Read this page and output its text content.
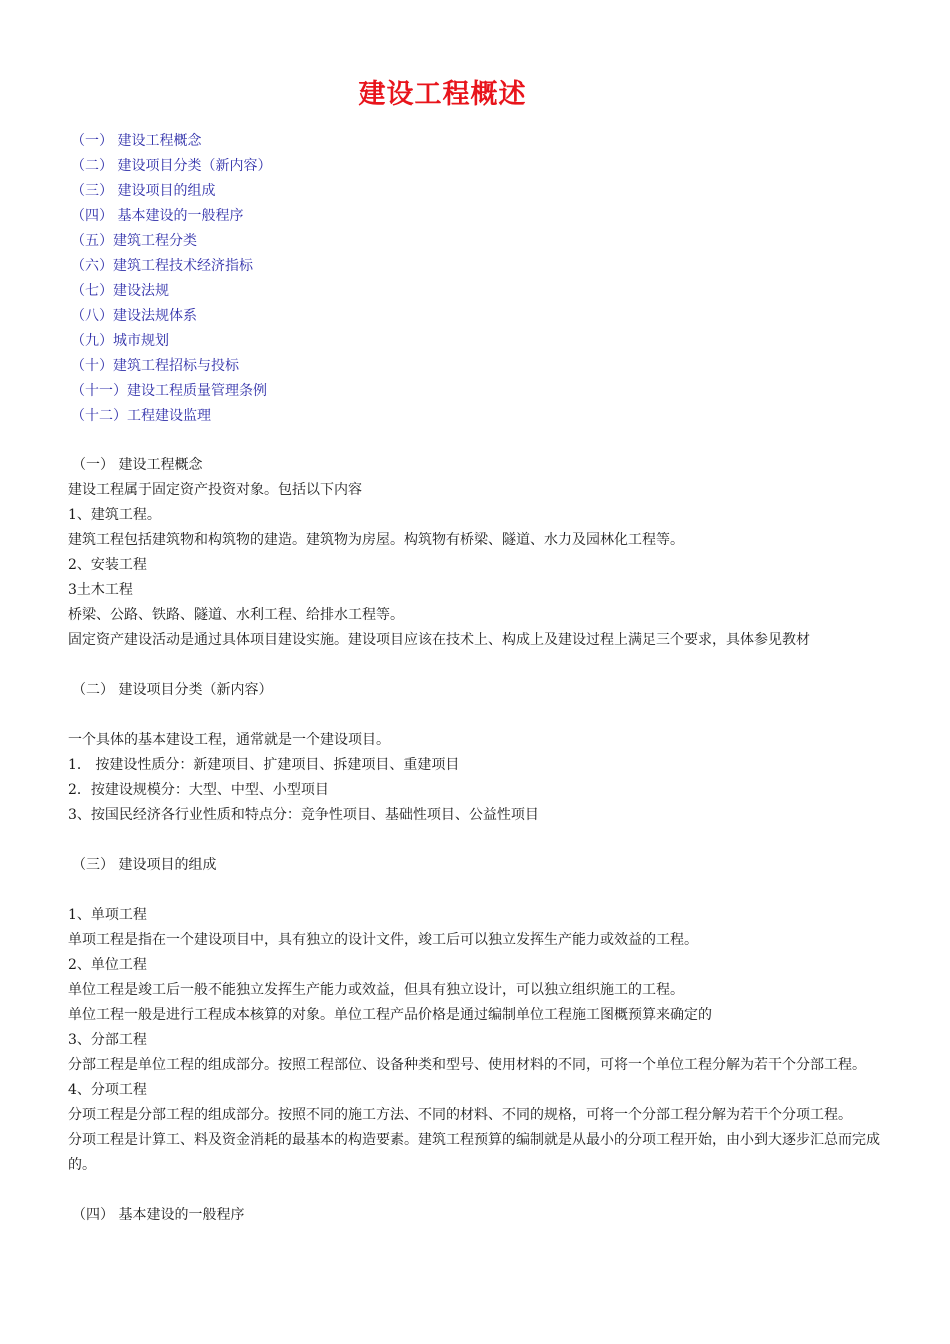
建设工程概述
（一） 建设工程概念
（二） 建设项目分类（新内容）
（三） 建设项目的组成
（四） 基本建设的一般程序
（五）建筑工程分类
（六）建筑工程技术经济指标
（七）建设法规
（八）建设法规体系
（九）城市规划
（十）建筑工程招标与投标
（十一）建设工程质量管理条例
（十二）工程建设监理
（一） 建设工程概念
建设工程属于固定资产投资对象。包括以下内容
1、建筑工程。
建筑工程包括建筑物和构筑物的建造。建筑物为房屋。构筑物有桥梁、隧道、水力及园林化工程等。
2、安装工程
3土木工程
桥梁、公路、铁路、隧道、水利工程、给排水工程等。
固定资产建设活动是通过具体项目建设实施。建设项目应该在技术上、构成上及建设过程上满足三个要求，具体参见教材
（二） 建设项目分类（新内容）
一个具体的基本建设工程，通常就是一个建设项目。
1． 按建设性质分：新建项目、扩建项目、拆建项目、重建项目
2．按建设规模分：大型、中型、小型项目
3、按国民经济各行业性质和特点分：竞争性项目、基础性项目、公益性项目
（三） 建设项目的组成
1、单项工程
单项工程是指在一个建设项目中，具有独立的设计文件，竣工后可以独立发挥生产能力或效益的工程。
2、单位工程
单位工程是竣工后一般不能独立发挥生产能力或效益，但具有独立设计，可以独立组织施工的工程。
单位工程一般是进行工程成本核算的对象。单位工程产品价格是通过编制单位工程施工图概预算来确定的
3、分部工程
分部工程是单位工程的组成部分。按照工程部位、设备种类和型号、使用材料的不同，可将一个单位工程分解为若干个分部工程。
4、分项工程
分项工程是分部工程的组成部分。按照不同的施工方法、不同的材料、不同的规格，可将一个分部工程分解为若干个分项工程。
分项工程是计算工、料及资金消耗的最基本的构造要素。建筑工程预算的编制就是从最小的分项工程开始，由小到大逐步汇总而完成的。
（四） 基本建设的一般程序
